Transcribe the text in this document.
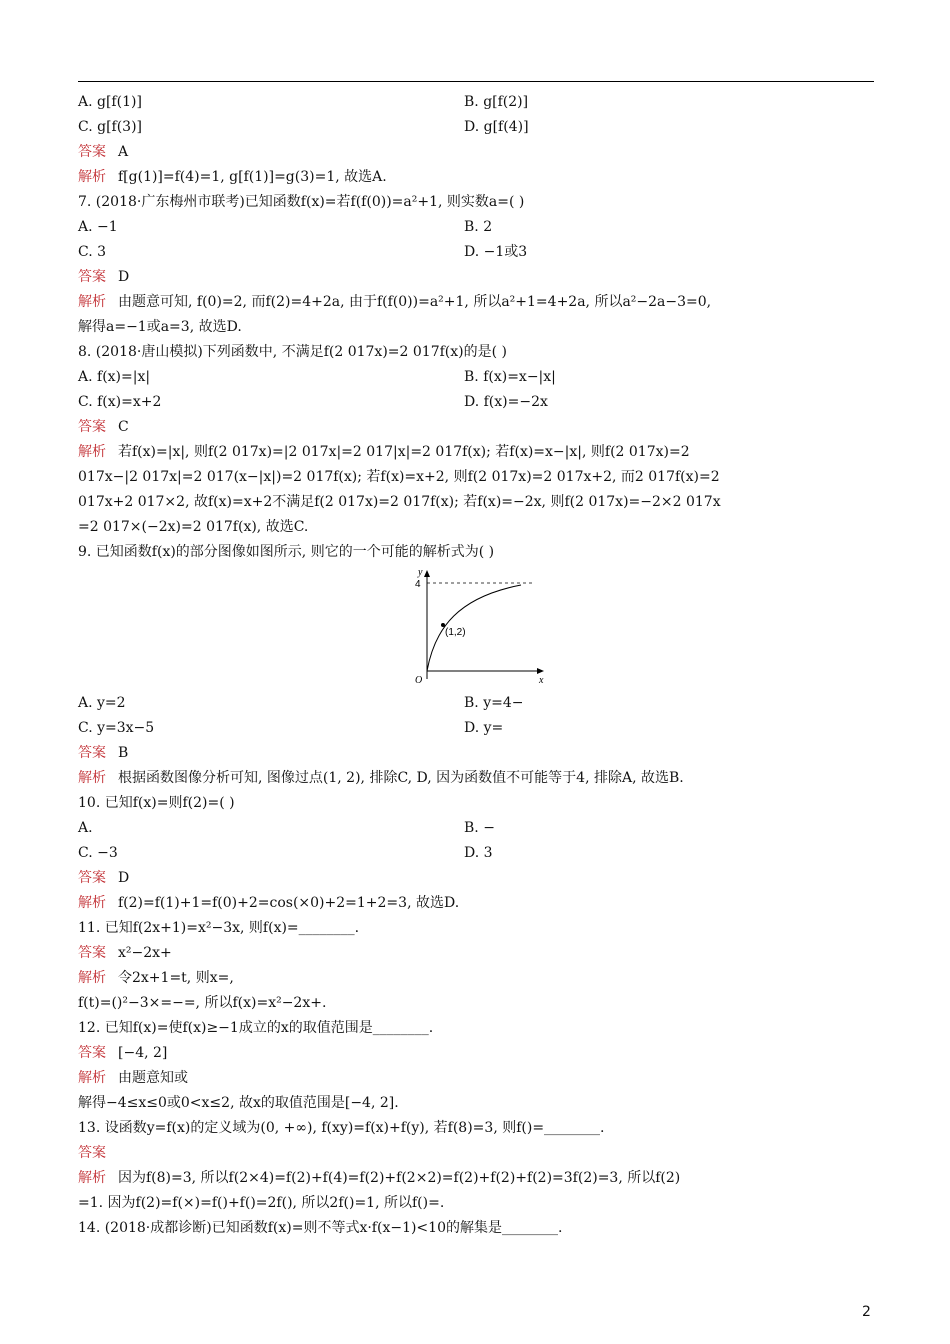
A. g[f(1)]	B. g[f(2)]
C. g[f(3)]	D. g[f(4)]
答案 A
解析 f[g(1)]=f(4)=1, g[f(1)]=g(3)=1, 故选A.
7. (2018·广东梅州市联考)已知函数f(x)=若f(f(0))=a²+1, 则实数a=( )
A. −1	B. 2
C. 3	D. −1或3
答案 D
解析 由题意可知, f(0)=2, 而f(2)=4+2a, 由于f(f(0))=a²+1, 所以a²+1=4+2a, 所以a²−2a−3=0,
解得a=−1或a=3, 故选D.
8. (2018·唐山模拟)下列函数中, 不满足f(2 017x)=2 017f(x)的是( )
A. f(x)=|x|	B. f(x)=x−|x|
C. f(x)=x+2	D. f(x)=−2x
答案 C
解析 若f(x)=|x|, 则f(2 017x)=|2 017x|=2 017|x|=2 017f(x); 若f(x)=x−|x|, 则f(2 017x)=2
017x−|2 017x|=2 017(x−|x|)=2 017f(x); 若f(x)=x+2, 则f(2 017x)=2 017x+2, 而2 017f(x)=2
017x+2 017×2, 故f(x)=x+2不满足f(2 017x)=2 017f(x); 若f(x)=−2x, 则f(2 017x)=−2×2 017x
=2 017×(−2x)=2 017f(x), 故选C.
9. 已知函数f(x)的部分图像如图所示, 则它的一个可能的解析式为( )
(1,2)
4
y
x
O
A. y=2	B. y=4−
C. y=3x−5	D. y=
答案 B
解析 根据函数图像分析可知, 图像过点(1, 2), 排除C, D, 因为函数值不可能等于4, 排除A, 故选B.
10. 已知f(x)=则f(2)=( )
A.	B. −
C. −3	D. 3
答案 D
解析 f(2)=f(1)+1=f(0)+2=cos(×0)+2=1+2=3, 故选D.
11. 已知f(2x+1)=x²−3x, 则f(x)=________.
答案 x²−2x+
解析 令2x+1=t, 则x=,
f(t)=()²−3×=−=, 所以f(x)=x²−2x+.
12. 已知f(x)=使f(x)≥−1成立的x的取值范围是________.
答案 [−4, 2]
解析 由题意知或
解得−4≤x≤0或0<x≤2, 故x的取值范围是[−4, 2].
13. 设函数y=f(x)的定义域为(0, +∞), f(xy)=f(x)+f(y), 若f(8)=3, 则f()=________.
答案
解析 因为f(8)=3, 所以f(2×4)=f(2)+f(4)=f(2)+f(2×2)=f(2)+f(2)+f(2)=3f(2)=3, 所以f(2)
=1. 因为f(2)=f(×)=f()+f()=2f(), 所以2f()=1, 所以f()=.
14. (2018·成都诊断)已知函数f(x)=则不等式x·f(x−1)<10的解集是________.
2
